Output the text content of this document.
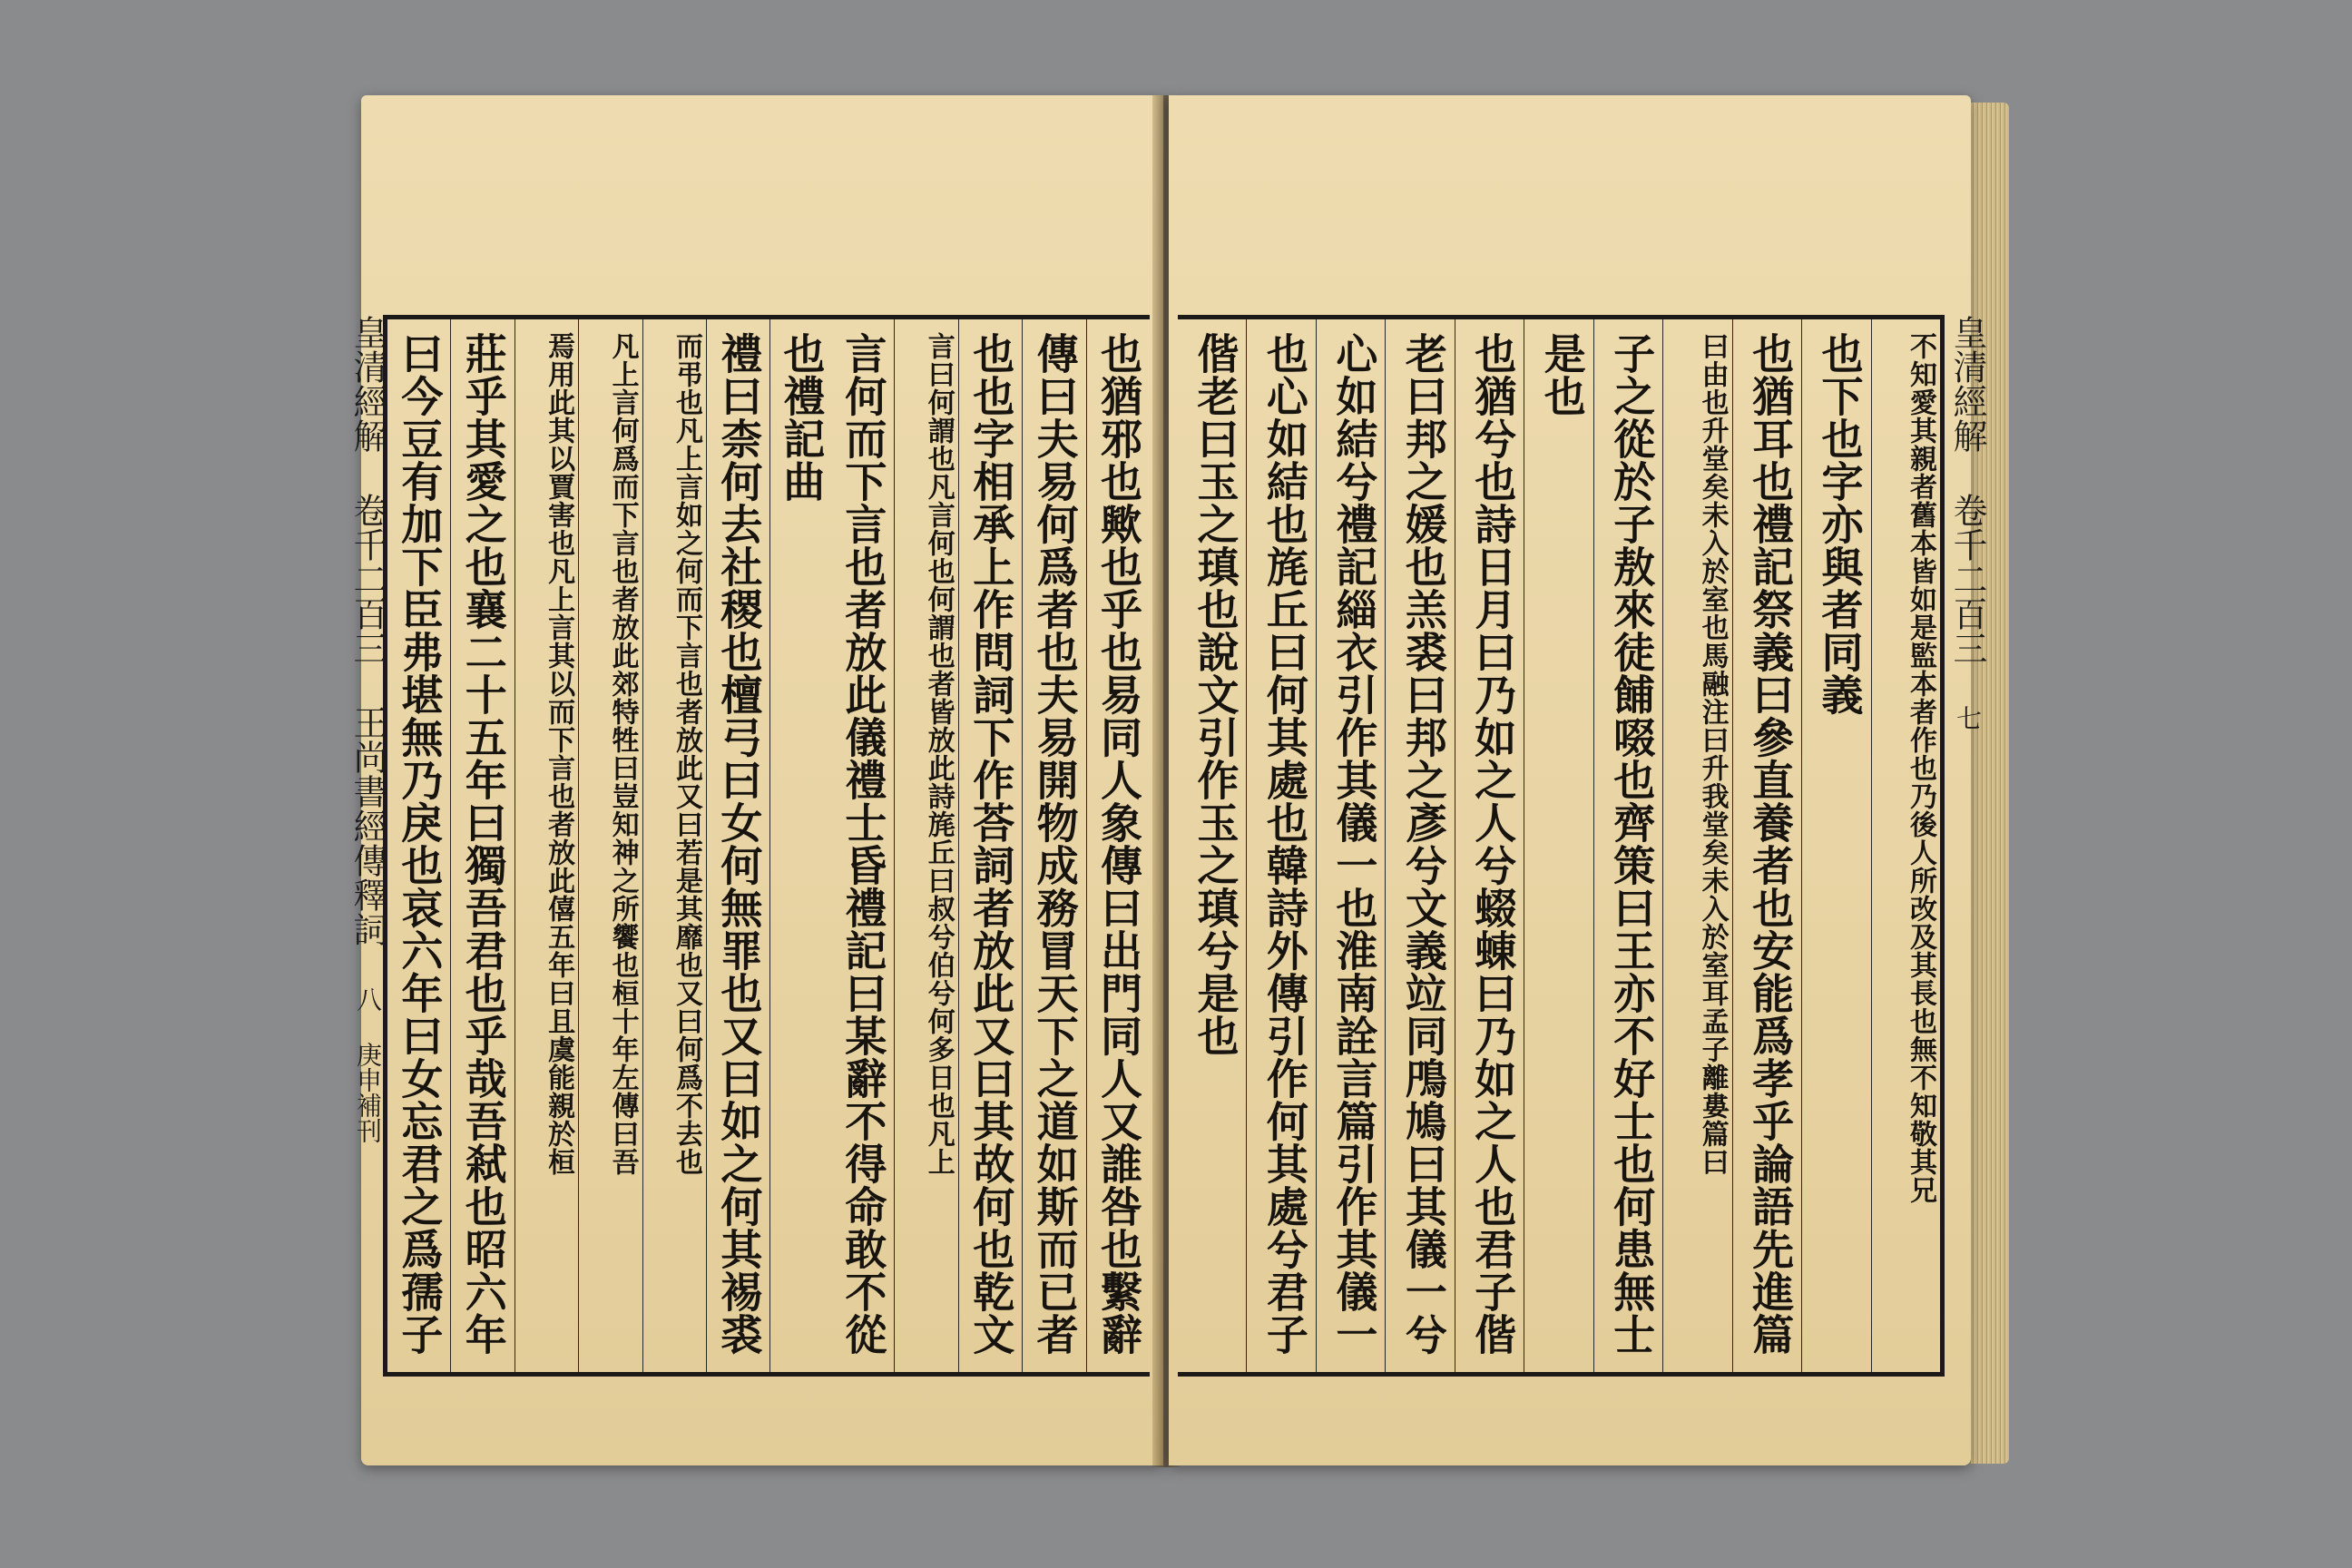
皇清經解 卷千二百三 王尚書經傳釋詞 八 庚申補刊	也猶邪也歟也乎也易同人象傳曰出門同人又誰咎也繫辭
傳曰夫易何爲者也夫易開物成務冒天下之道如斯而已者
也也字相承上作問詞下作荅詞者放此又曰其故何也乾文
言曰何謂也凡言何也何謂也者皆放此詩旄丘曰叔兮伯兮何多日也凡上
言何而下言也者放此儀禮士昏禮記曰某辭不得命敢不從也禮記曲
禮曰柰何去社稷也檀弓曰女何無罪也又曰如之何其裼裘
而弔也凡上言如之何而下言也者放此又曰若是其靡也又曰何爲不去也
凡上言何爲而下言也者放此郊特牲曰豈知神之所饗也桓十年左傳曰吾
焉用此其以賈害也凡上言其以而下言也者放此僖五年曰且虞能親於桓
莊乎其愛之也襄二十五年曰獨吾君也乎哉吾弒也昭六年
曰今豆有加下臣弗堪無乃戾也哀六年曰女忘君之爲孺子	皇清經解 卷千二百三 七
不知愛其親者舊本皆如是監本者作也乃後人所改及其長也無不知敬其兄
也下也字亦與者同義
也猶耳也禮記祭義曰參直養者也安能爲孝乎論語先進篇
曰由也升堂矣未入於室也馬融注曰升我堂矣未入於室耳孟子離婁篇曰
子之從於子敖來徒餔啜也齊策曰王亦不好士也何患無士
是也
也猶兮也詩日月曰乃如之人兮蝃蝀曰乃如之人也君子偕
老曰邦之媛也羔裘曰邦之彥兮文義竝同鳲鳩曰其儀一兮
心如結兮禮記緇衣引作其儀一也淮南詮言篇引作其儀一
也心如結也旄丘曰何其處也韓詩外傳引作何其處兮君子
偕老曰玉之瑱也說文引作玉之瑱兮是也
